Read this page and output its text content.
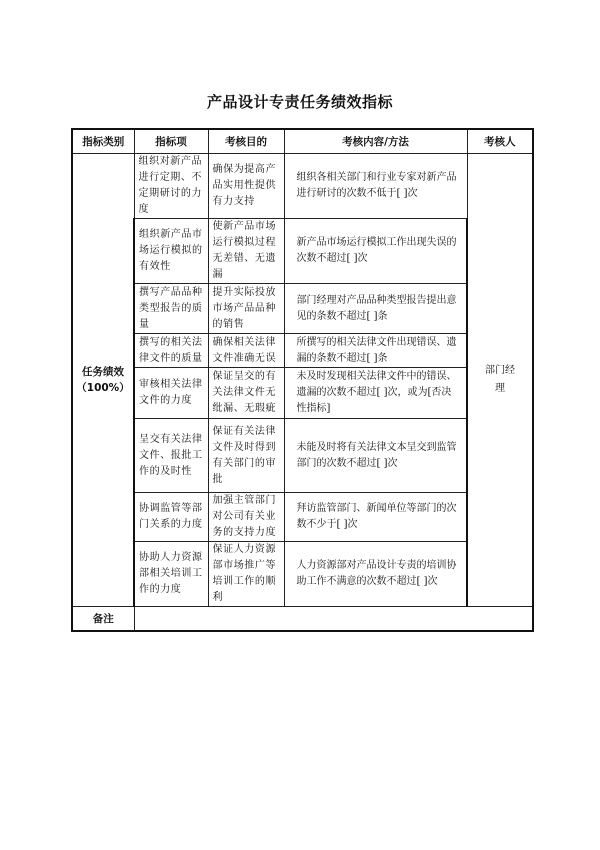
产品设计专责任务绩效指标
指标类别	指标项	考核目的	考核内容/方法	考核人

任务绩效
（100%）	组织对新产品进行定期、不定期研讨的力度	确保为提高产品实用性提供有力支持	组织各相关部门和行业专家对新产品进行研讨的次数不低于[ ]次	部门经理

	组织新产品市场运行模拟的有效性	使新产品市场运行模拟过程无差错、无遗漏	新产品市场运行模拟工作出现失误的次数不超过[ ]次	

	撰写产品品种类型报告的质量	提升实际投放市场产品品种的销售	部门经理对产品品种类型报告提出意见的条数不超过[ ]条	

	撰写的相关法律文件的质量	确保相关法律文件准确无误	所撰写的相关法律文件出现错误、遗漏的条数不超过[ ]条	

	审核相关法律文件的力度	保证呈交的有关法律文件无纰漏、无瑕疵	未及时发现相关法律文件中的错误、遗漏的次数不超过[ ]次，或为[否决性指标]	

	呈交有关法律文件、报批工作的及时性	保证有关法律文件及时得到有关部门的审批	未能及时将有关法律文本呈交到监管部门的次数不超过[ ]次	

	协调监管等部门关系的力度	加强主管部门对公司有关业务的支持力度	拜访监管部门、新闻单位等部门的次数不少于[ ]次	

	协助人力资源部相关培训工作的力度	保证人力资源部市场推广等培训工作的顺利	人力资源部对产品设计专责的培训协助工作不满意的次数不超过[ ]次	

备注				
